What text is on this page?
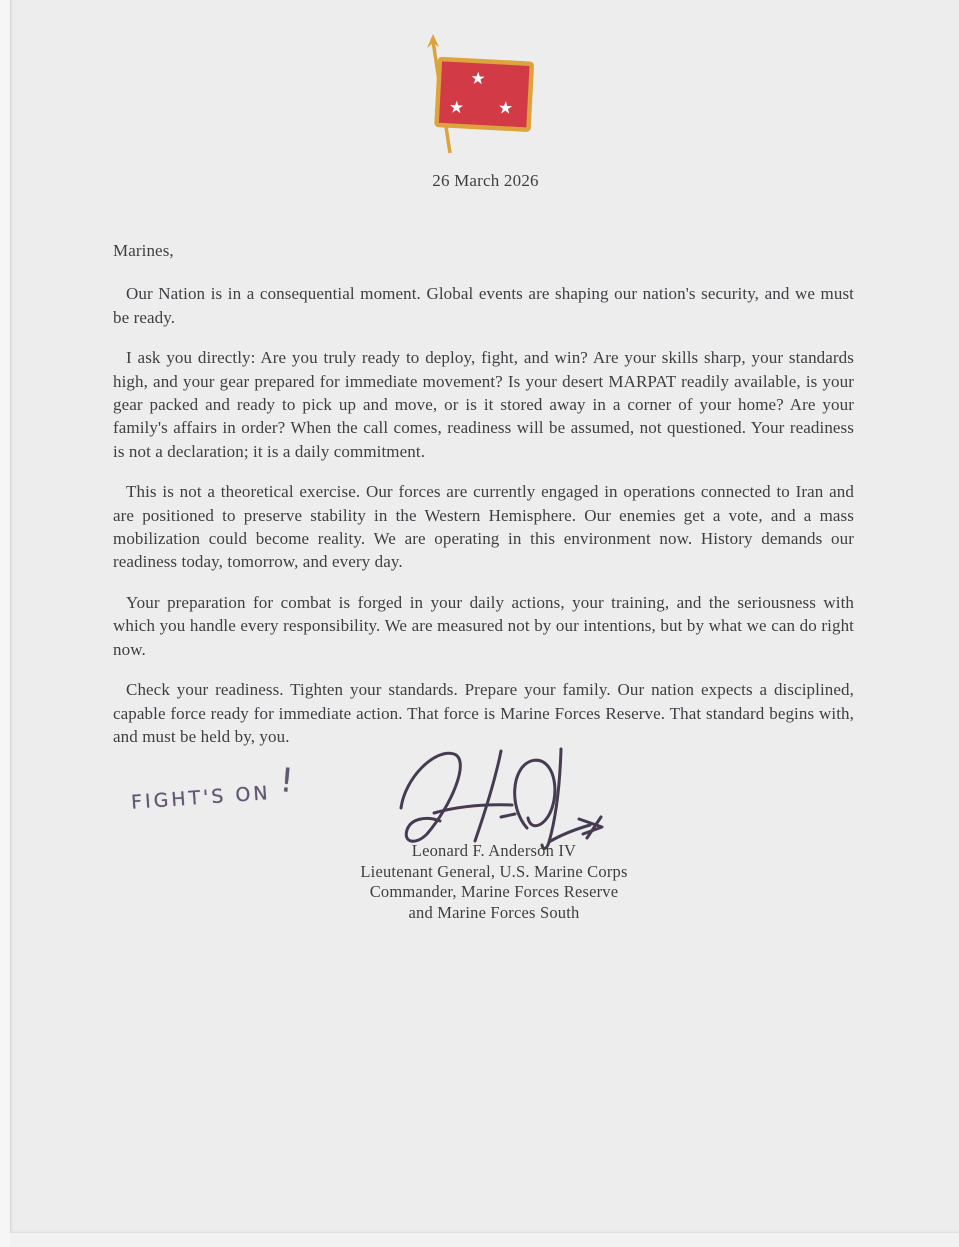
★
★ ★
26 March 2026

Marines,

Our Nation is in a consequential moment. Global events are shaping our nation's security, and we must be ready.

I ask you directly: Are you truly ready to deploy, fight, and win? Are your skills sharp, your standards high, and your gear prepared for immediate movement? Is your desert MARPAT readily available, is your gear packed and ready to pick up and move, or is it stored away in a corner of your home? Are your family's affairs in order? When the call comes, readiness will be assumed, not questioned. Your readiness is not a declaration; it is a daily commitment.

This is not a theoretical exercise. Our forces are currently engaged in operations connected to Iran and are positioned to preserve stability in the Western Hemisphere. Our enemies get a vote, and a mass mobilization could become reality. We are operating in this environment now. History demands our readiness today, tomorrow, and every day.

Your preparation for combat is forged in your daily actions, your training, and the seriousness with which you handle every responsibility. We are measured not by our intentions, but by what we can do right now.

Check your readiness. Tighten your standards. Prepare your family. Our nation expects a disciplined, capable force ready for immediate action. That force is Marine Forces Reserve. That standard begins with, and must be held by, you.

FIGHT'S ON !
Leonard F. Anderson IV
Lieutenant General, U.S. Marine Corps
Commander, Marine Forces Reserve
and Marine Forces South
